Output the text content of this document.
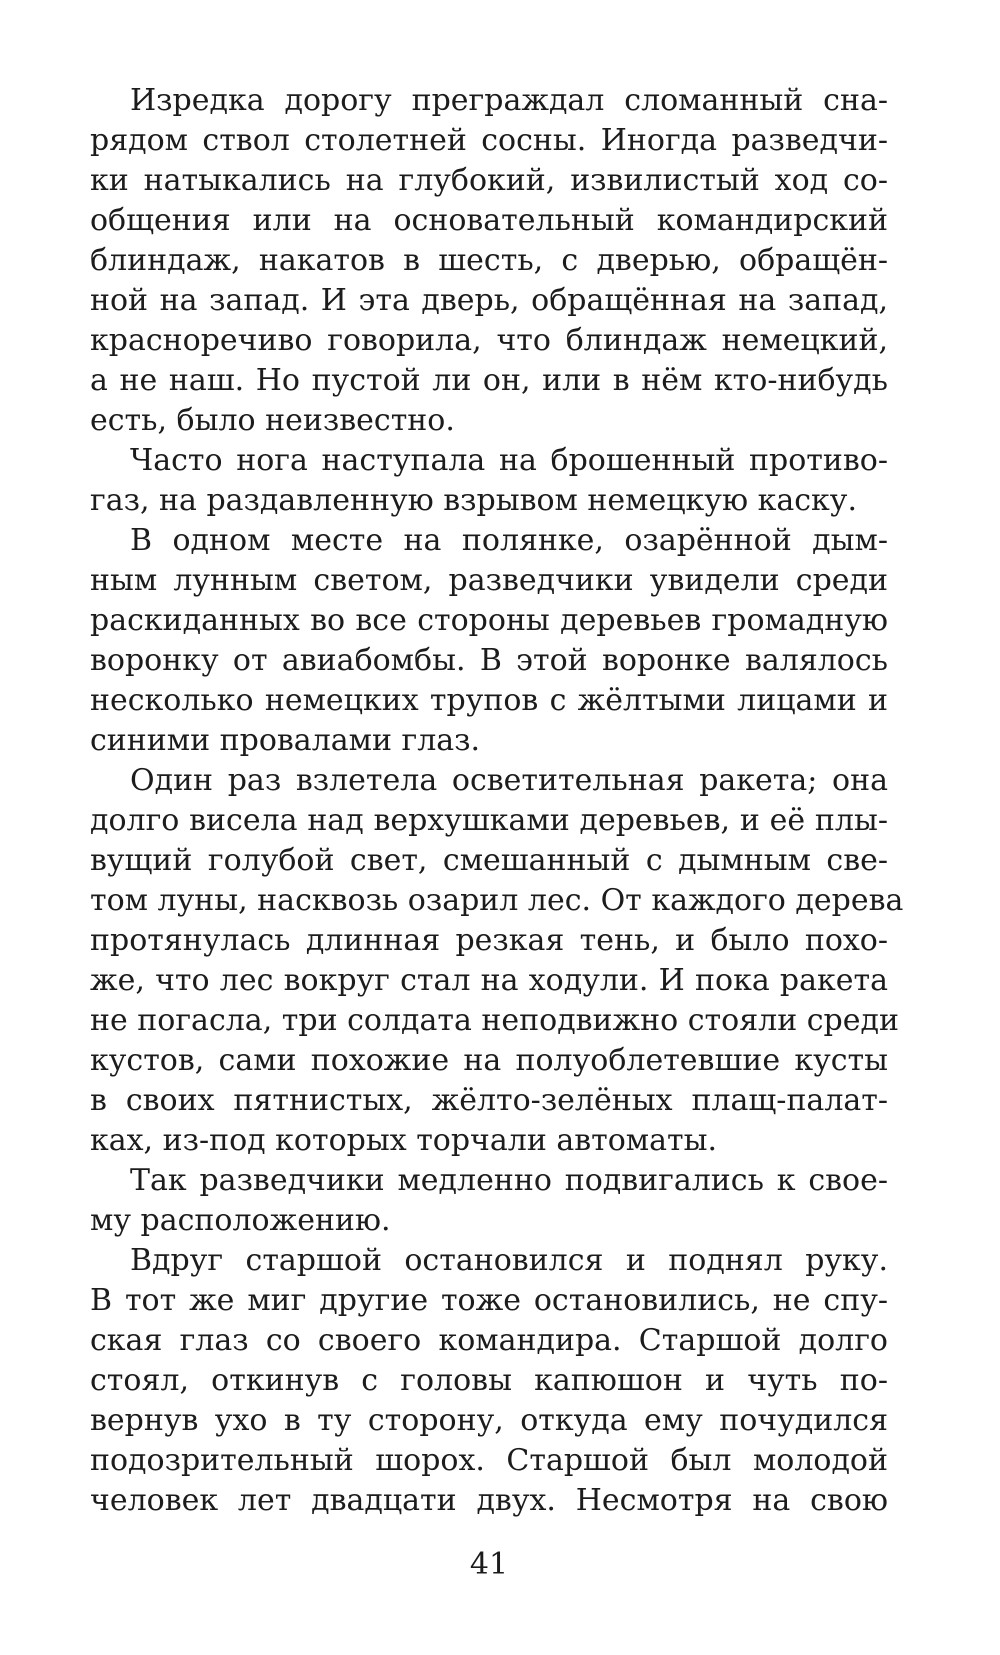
Изредка дорогу преграждал сломанный сна-
рядом ствол столетней сосны. Иногда разведчи-
ки натыкались на глубокий, извилистый ход со-
общения или на основательный командирский
блиндаж, накатов в шесть, с дверью, обращён-
ной на запад. И эта дверь, обращённая на запад,
красноречиво говорила, что блиндаж немецкий,
а не наш. Но пустой ли он, или в нём кто-нибудь
есть, было неизвестно.
Часто нога наступала на брошенный противо-
газ, на раздавленную взрывом немецкую каску.
В одном месте на полянке, озарённой дым-
ным лунным светом, разведчики увидели среди
раскиданных во все стороны деревьев громадную
воронку от авиабомбы. В этой воронке валялось
несколько немецких трупов с жёлтыми лицами и
синими провалами глаз.
Один раз взлетела осветительная ракета; она
долго висела над верхушками деревьев, и её плы-
вущий голубой свет, смешанный с дымным све-
том луны, насквозь озарил лес. От каждого дерева
протянулась длинная резкая тень, и было похо-
же, что лес вокруг стал на ходули. И пока ракета
не погасла, три солдата неподвижно стояли среди
кустов, сами похожие на полуоблетевшие кусты
в своих пятнистых, жёлто-зелёных плащ-палат-
ках, из-под которых торчали автоматы.
Так разведчики медленно подвигались к свое-
му расположению.
Вдруг старшой остановился и поднял руку.
В тот же миг другие тоже остановились, не спу-
ская глаз со своего командира. Старшой долго
стоял, откинув с головы капюшон и чуть по-
вернув ухо в ту сторону, откуда ему почудился
подозрительный шорох. Старшой был молодой
человек лет двадцати двух. Несмотря на свою
41
